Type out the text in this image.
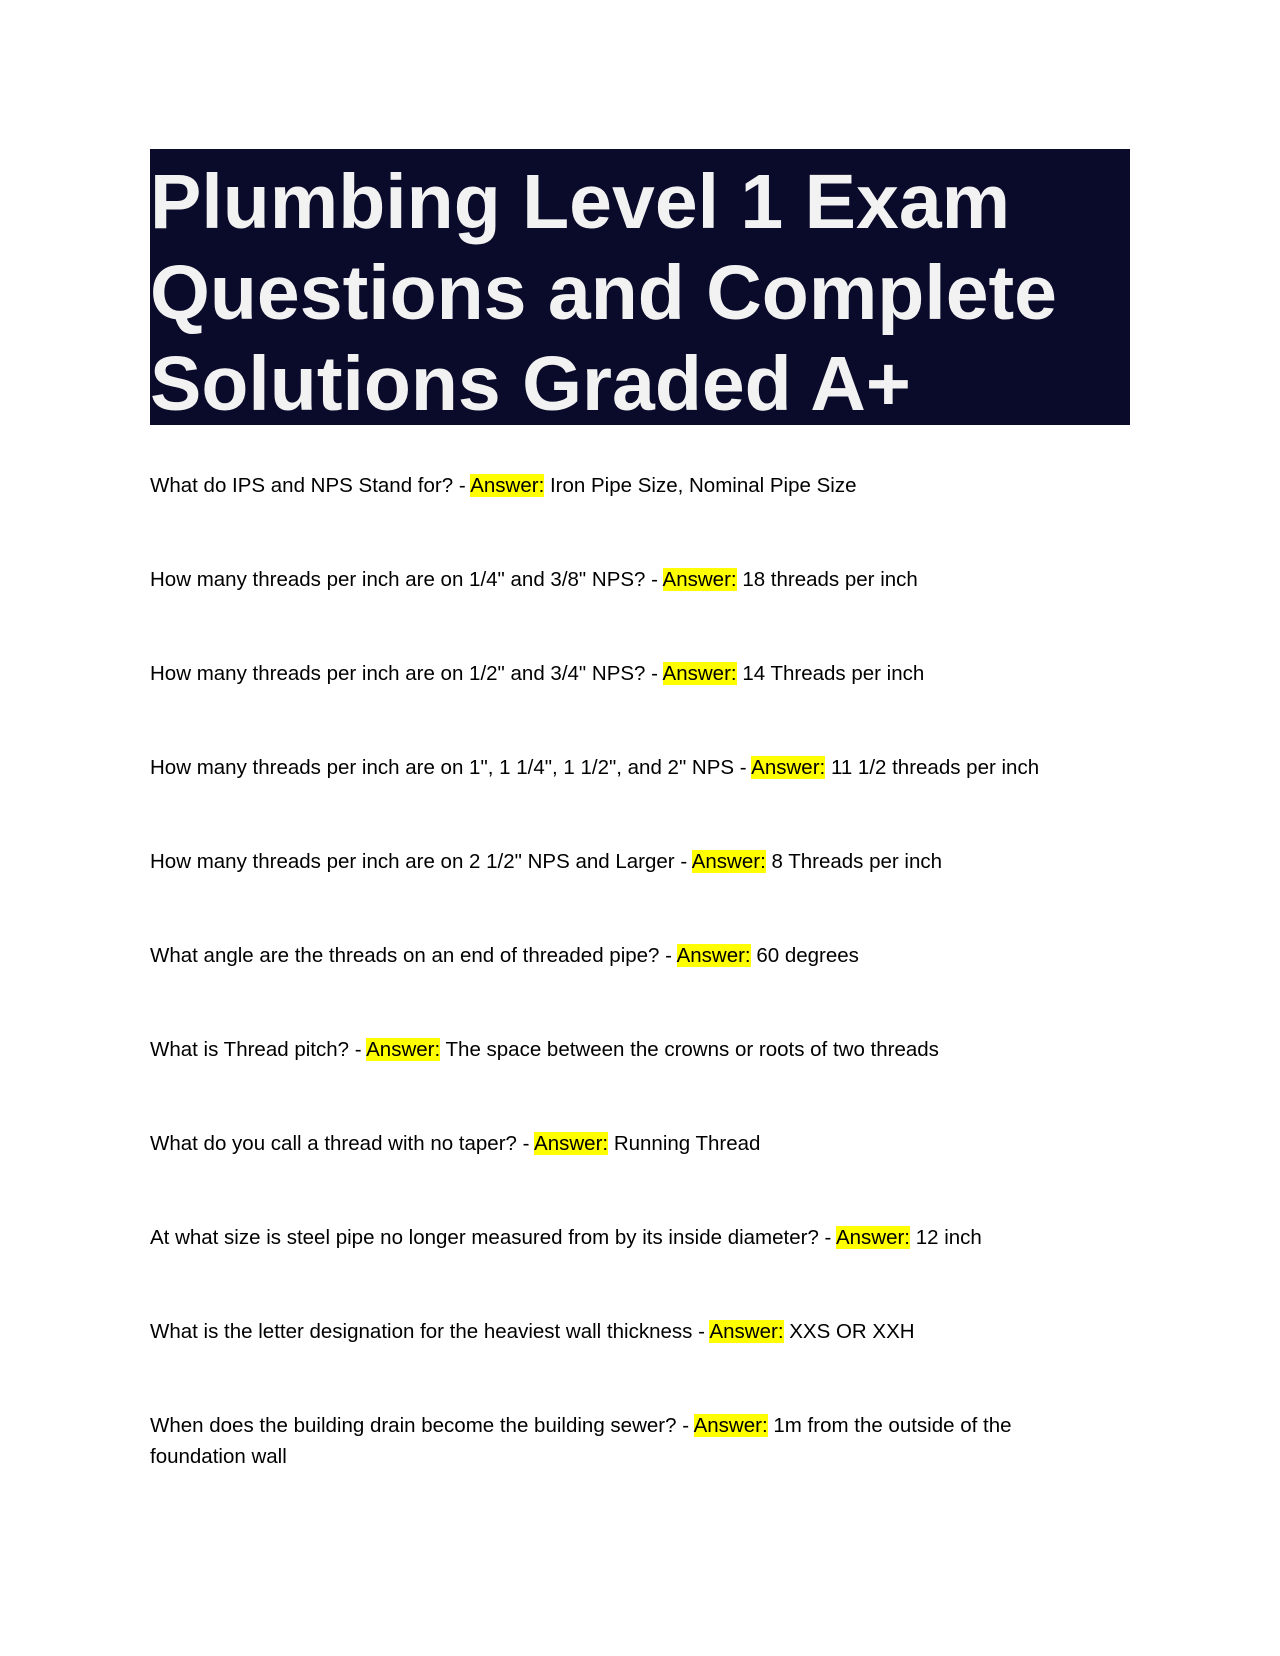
Plumbing Level 1 Exam Questions and Complete Solutions Graded A+
What do IPS and NPS Stand for? - Answer: Iron Pipe Size, Nominal Pipe Size
How many threads per inch are on 1/4" and 3/8" NPS? - Answer: 18 threads per inch
How many threads per inch are on 1/2" and 3/4" NPS? - Answer: 14 Threads per inch
How many threads per inch are on 1", 1 1/4", 1 1/2", and 2" NPS - Answer: 11 1/2 threads per inch
How many threads per inch are on 2 1/2" NPS and Larger - Answer: 8 Threads per inch
What angle are the threads on an end of threaded pipe? - Answer: 60 degrees
What is Thread pitch? - Answer: The space between the crowns or roots of two threads
What do you call a thread with no taper? - Answer: Running Thread
At what size is steel pipe no longer measured from by its inside diameter? - Answer: 12 inch
What is the letter designation for the heaviest wall thickness - Answer: XXS OR XXH
When does the building drain become the building sewer? - Answer: 1m from the outside of the foundation wall
